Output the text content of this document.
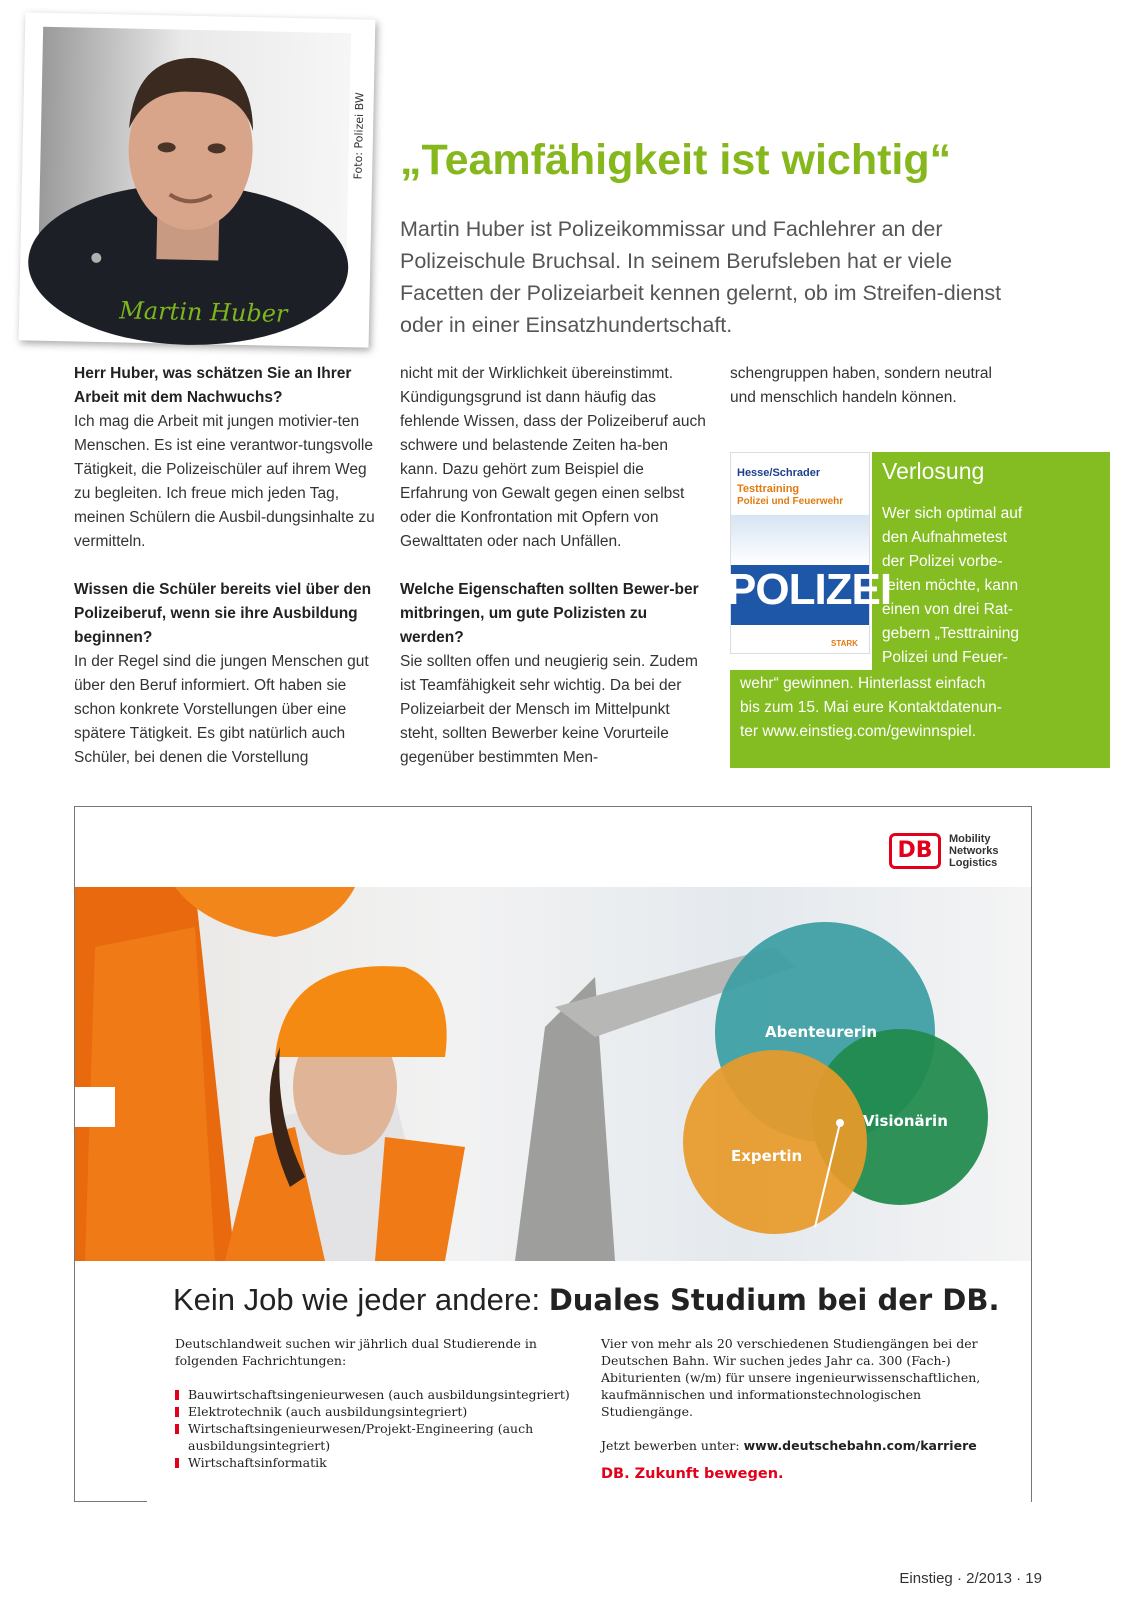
Foto: Polizei BW
Martin Huber
„Teamfähigkeit ist wichtig“
Martin Huber ist Polizeikommissar und Fachlehrer an der Polizeischule Bruchsal. In seinem Berufsleben hat er viele Facetten der Polizeiarbeit kennen gelernt, ob im Streifen-dienst oder in einer Einsatzhundertschaft.
Herr Huber, was schätzen Sie an Ihrer Arbeit mit dem Nachwuchs?
Ich mag die Arbeit mit jungen motivier-ten Menschen. Es ist eine verantwor-tungsvolle Tätigkeit, die Polizeischüler auf ihrem Weg zu begleiten. Ich freue mich jeden Tag, meinen Schülern die Ausbil-dungsinhalte zu vermitteln.
Wissen die Schüler bereits viel über den Polizeiberuf, wenn sie ihre Ausbildung beginnen?
In der Regel sind die jungen Menschen gut über den Beruf informiert. Oft haben sie schon konkrete Vorstellungen über eine spätere Tätigkeit. Es gibt natürlich auch Schüler, bei denen die Vorstellung
nicht mit der Wirklichkeit übereinstimmt. Kündigungsgrund ist dann häufig das fehlende Wissen, dass der Polizeiberuf auch schwere und belastende Zeiten ha-ben kann. Dazu gehört zum Beispiel die Erfahrung von Gewalt gegen einen selbst oder die Konfrontation mit Opfern von Gewalttaten oder nach Unfällen.
Welche Eigenschaften sollten Bewer-ber mitbringen, um gute Polizisten zu werden?
Sie sollten offen und neugierig sein. Zudem ist Teamfähigkeit sehr wichtig. Da bei der Polizeiarbeit der Mensch im Mittelpunkt steht, sollten Bewerber keine Vorurteile gegenüber bestimmten Men-
schengruppen haben, sondern neutral und menschlich handeln können.
Hesse/Schrader
Testtraining
Polizei und Feuerwehr
POLIZEI
STARK
Verlosung
Wer sich optimal auf
den Aufnahmetest
der Polizei vorbe-
reiten möchte, kann
einen von drei Rat-
gebern „Testtraining
Polizei und Feuer-
wehr“ gewinnen. Hinterlasst einfach
bis zum 15. Mai eure Kontaktdatenun-
ter www.einstieg.com/gewinnspiel.
DB	Mobility
Networks
Logistics
Abenteurerin
Visionärin
Expertin
Kein Job wie jeder andere: Duales Studium bei der DB.
Deutschlandweit suchen wir jährlich dual Studierende in folgenden Fachrichtungen:
Bauwirtschaftsingenieurwesen (auch ausbildungsintegriert)
Elektrotechnik (auch ausbildungsintegriert)
Wirtschaftsingenieurwesen/Projekt-Engineering (auch ausbildungsintegriert)
Wirtschaftsinformatik
Vier von mehr als 20 verschiedenen Studiengängen bei der Deutschen Bahn. Wir suchen jedes Jahr ca. 300 (Fach-) Abiturienten (w/m) für unsere ingenieurwissenschaftlichen, kaufmännischen und informationstechnologischen Studiengänge.
Jetzt bewerben unter: www.deutschebahn.com/karriere
DB. Zukunft bewegen.
Einstieg · 2/2013 · 19
